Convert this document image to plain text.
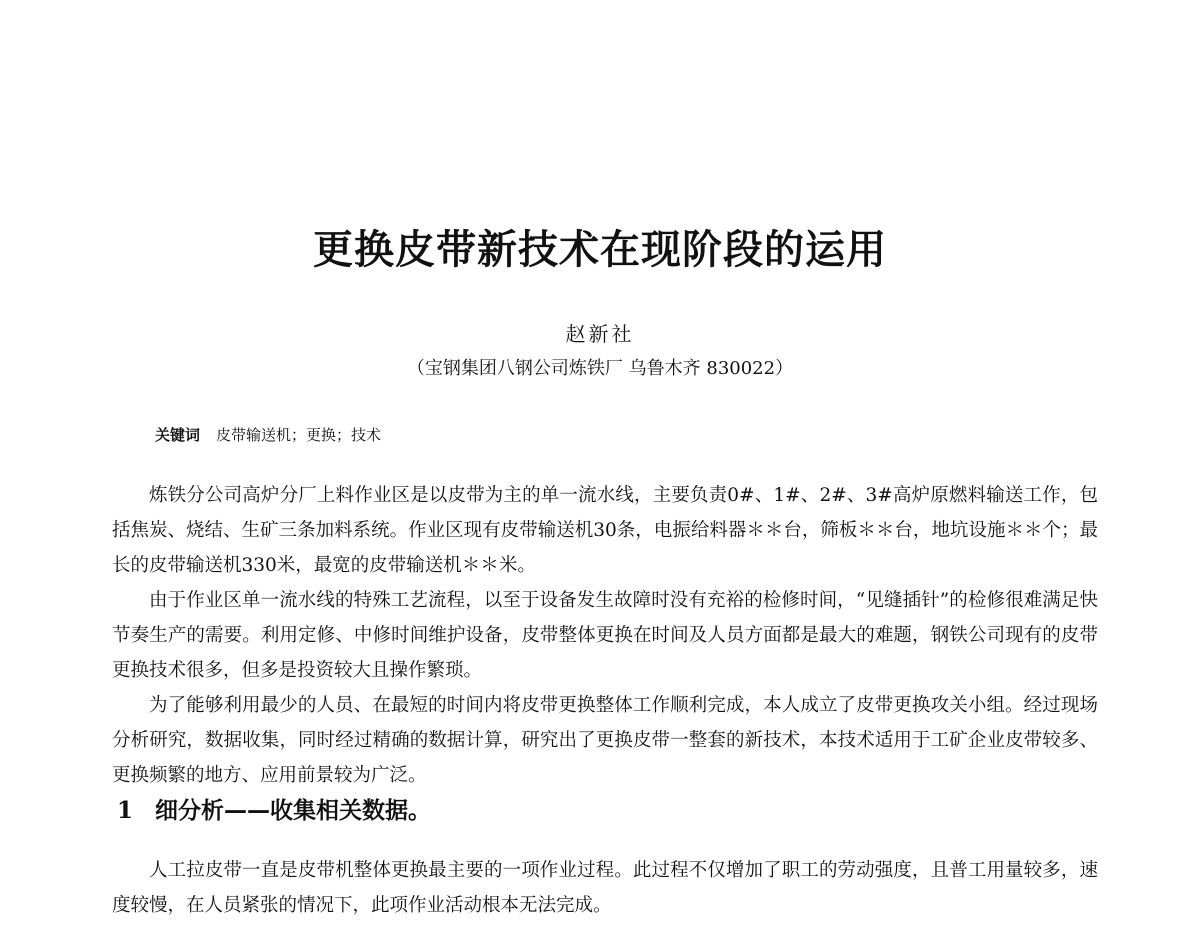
更换皮带新技术在现阶段的运用
赵新社
（宝钢集团八钢公司炼铁厂 乌鲁木齐 830022）
关键词 皮带输送机；更换；技术

炼铁分公司高炉分厂上料作业区是以皮带为主的单一流水线，主要负责0#、1#、2#、3#高炉原燃料输送工作，包括焦炭、烧结、生矿三条加料系统。作业区现有皮带输送机30条，电振给料器＊＊台，筛板＊＊台，地坑设施＊＊个；最长的皮带输送机330米，最宽的皮带输送机＊＊米。

由于作业区单一流水线的特殊工艺流程，以至于设备发生故障时没有充裕的检修时间，“见缝插针”的检修很难满足快节奏生产的需要。利用定修、中修时间维护设备，皮带整体更换在时间及人员方面都是最大的难题，钢铁公司现有的皮带更换技术很多，但多是投资较大且操作繁琐。

为了能够利用最少的人员、在最短的时间内将皮带更换整体工作顺利完成，本人成立了皮带更换攻关小组。经过现场分析研究，数据收集，同时经过精确的数据计算，研究出了更换皮带一整套的新技术，本技术适用于工矿企业皮带较多、更换频繁的地方、应用前景较为广泛。

1 细分析——收集相关数据。

人工拉皮带一直是皮带机整体更换最主要的一项作业过程。此过程不仅增加了职工的劳动强度，且普工用量较多，速度较慢，在人员紧张的情况下，此项作业活动根本无法完成。
